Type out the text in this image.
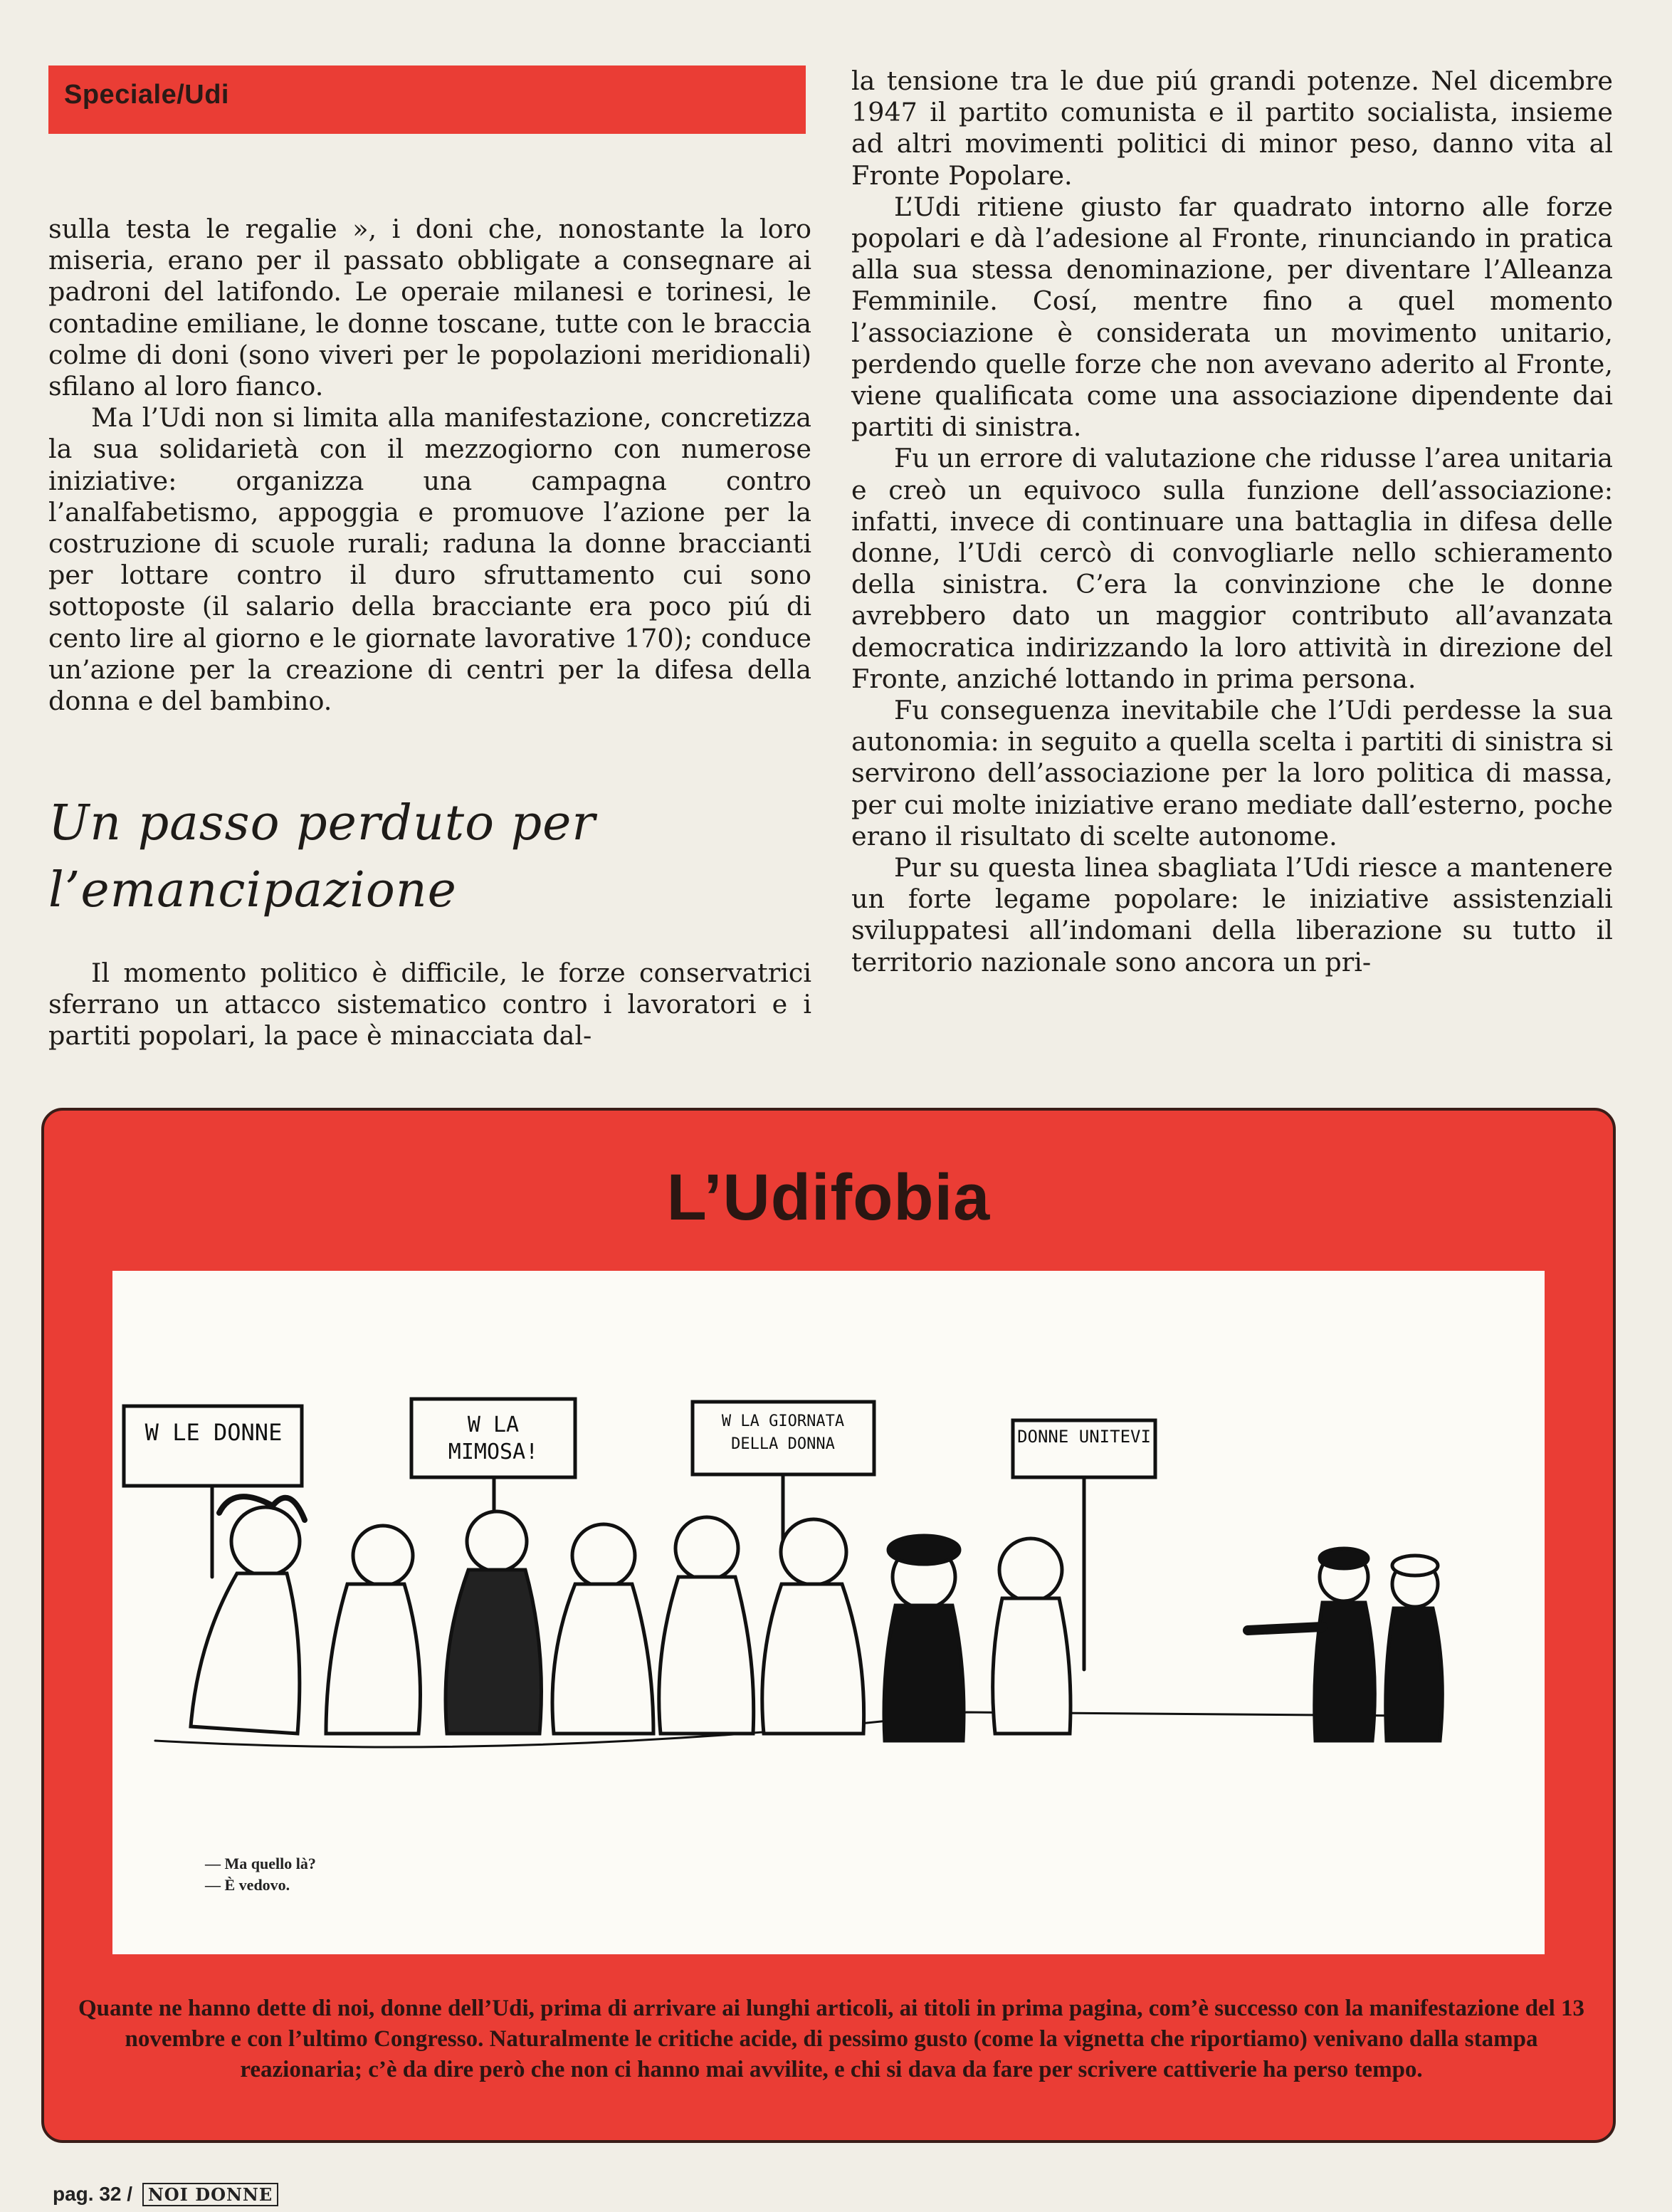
Speciale/Udi

sulla testa le regalie », i doni che, nonostante la loro miseria, erano per il passato obbligate a consegnare ai padroni del latifondo. Le operaie milanesi e torinesi, le contadine emiliane, le donne toscane, tutte con le braccia colme di doni (sono viveri per le popolazioni meridionali) sfilano al loro fianco.

Ma l’Udi non si limita alla manifestazione, concretizza la sua solidarietà con il mezzogiorno con numerose iniziative: organizza una campagna contro l’analfabetismo, appoggia e promuove l’azione per la costruzione di scuole rurali; raduna la donne braccianti per lottare contro il duro sfruttamento cui sono sottoposte (il salario della bracciante era poco piú di cento lire al giorno e le giornate lavorative 170); conduce un’azione per la creazione di centri per la difesa della donna e del bambino.

Un passo perduto per
l’emancipazione

Il momento politico è difficile, le forze conservatrici sferrano un attacco sistematico contro i lavoratori e i partiti popolari, la pace è minacciata dal-

la tensione tra le due piú grandi potenze. Nel dicembre 1947 il partito comunista e il partito socialista, insieme ad altri movimenti politici di minor peso, danno vita al Fronte Popolare.

L’Udi ritiene giusto far quadrato intorno alle forze popolari e dà l’adesione al Fronte, rinunciando in pratica alla sua stessa denominazione, per diventare l’Alleanza Femminile. Cosí, mentre fino a quel momento l’associazione è considerata un movimento unitario, perdendo quelle forze che non avevano aderito al Fronte, viene qualificata come una associazione dipendente dai partiti di sinistra.

Fu un errore di valutazione che ridusse l’area unitaria e creò un equivoco sulla funzione dell’associazione: infatti, invece di continuare una battaglia in difesa delle donne, l’Udi cercò di convogliarle nello schieramento della sinistra. C’era la convinzione che le donne avrebbero dato un maggior contributo all’avanzata democratica indirizzando la loro attività in direzione del Fronte, anziché lottando in prima persona.

Fu conseguenza inevitabile che l’Udi perdesse la sua autonomia: in seguito a quella scelta i partiti di sinistra si servirono dell’associazione per la loro politica di massa, per cui molte iniziative erano mediate dall’esterno, poche erano il risultato di scelte autonome.

Pur su questa linea sbagliata l’Udi riesce a mantenere un forte legame popolare: le iniziative assistenziali sviluppatesi all’indomani della liberazione su tutto il territorio nazionale sono ancora un pri-

L’Udifobia
W LE DONNE	W LA MIMOSA!
W LA GIORNATA DELLA DONNA	DONNE UNITEVI
— Ma quello là?
— È vedovo.
Quante ne hanno dette di noi, donne dell’Udi, prima di arrivare ai lunghi articoli, ai titoli in prima pagina, com’è successo con la manifestazione del 13 novembre e con l’ultimo Congresso. Naturalmente le critiche acide, di pessimo gusto (come la vignetta che riportiamo) venivano dalla stampa reazionaria; c’è da dire però che non ci hanno mai avvilite, e chi si dava da fare per scrivere cattiverie ha perso tempo.
pag. 32 / NOI DONNE
